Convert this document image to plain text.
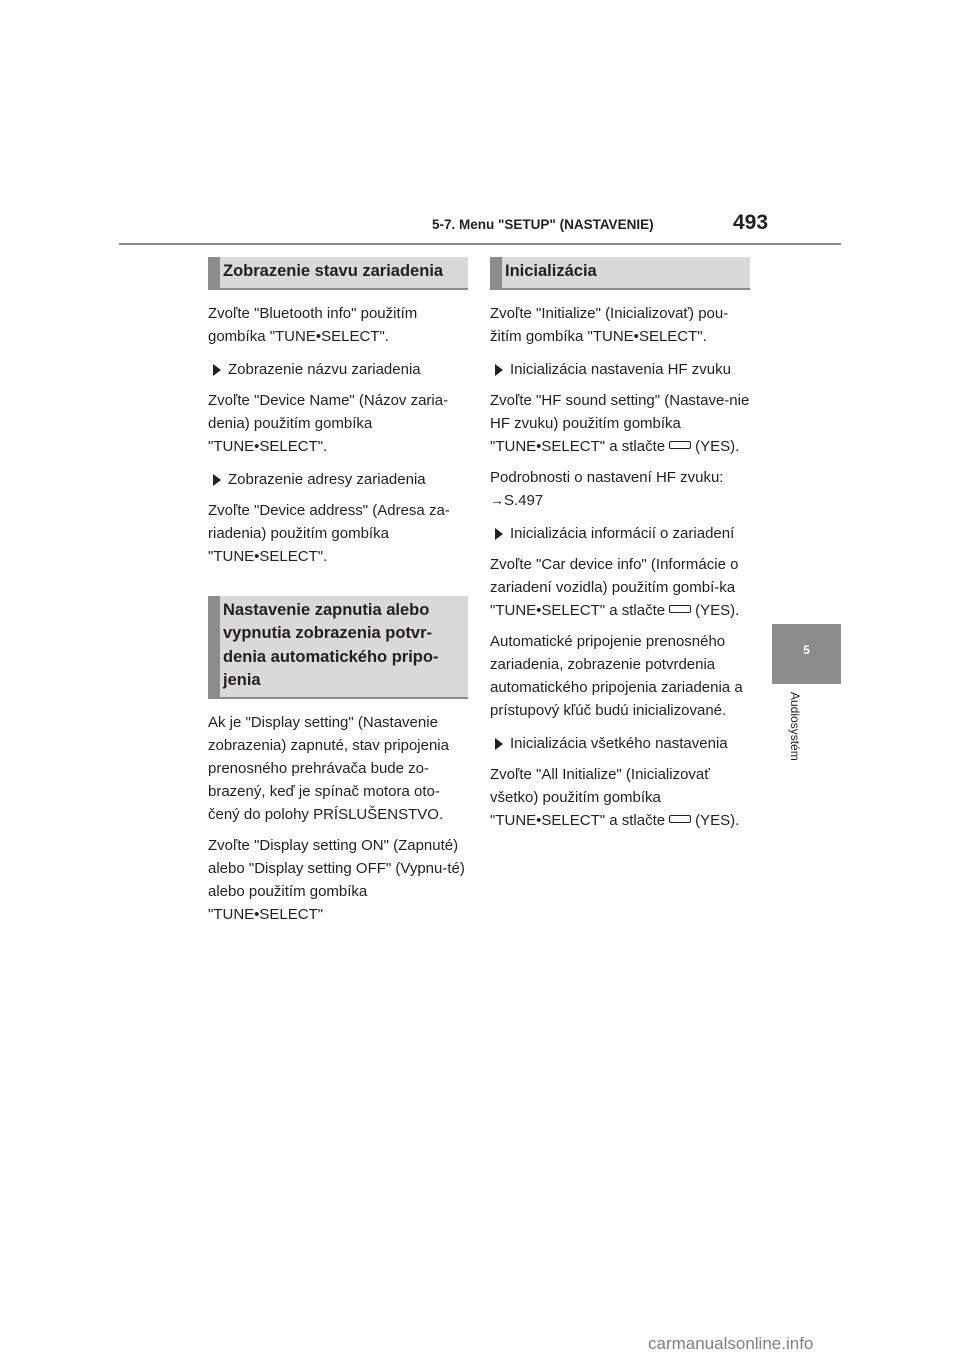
5-7. Menu "SETUP" (NASTAVENIE)	493
5
Audiosystém
Zobrazenie stavu zariadenia
Zvoľte "Bluetooth info" použitím gombíka "TUNE•SELECT".
Zobrazenie názvu zariadenia
Zvoľte "Device Name" (Názov zaria-denia) použitím gombíka "TUNE•SELECT".
Zobrazenie adresy zariadenia
Zvoľte "Device address" (Adresa za-riadenia) použitím gombíka "TUNE•SELECT".
Nastavenie zapnutia alebo vypnutia zobrazenia potvr-denia automatického pripo-jenia
Ak je "Display setting" (Nastavenie zobrazenia) zapnuté, stav pripojenia prenosného prehrávača bude zo-brazený, keď je spínač motora oto-čený do polohy PRÍSLUŠENSTVO.
Zvoľte "Display setting ON" (Zapnuté) alebo "Display setting OFF" (Vypnu-té) alebo použitím gombíka "TUNE•SELECT"
Inicializácia
Zvoľte "Initialize" (Inicializovať) pou-žitím gombíka "TUNE•SELECT".
Inicializácia nastavenia HF zvuku
Zvoľte "HF sound setting" (Nastave-nie HF zvuku) použitím gombíka "TUNE•SELECT" a stlačte (YES).
Podrobnosti o nastavení HF zvuku:
→S.497
Inicializácia informácií o zariadení
Zvoľte "Car device info" (Informácie o zariadení vozidla) použitím gombí-ka "TUNE•SELECT" a stlačte (YES).
Automatické pripojenie prenosného zariadenia, zobrazenie potvrdenia automatického pripojenia zariadenia a prístupový kľúč budú inicializované.
Inicializácia všetkého nastavenia
Zvoľte "All Initialize" (Inicializovať všetko) použitím gombíka "TUNE•SELECT" a stlačte (YES).
carmanualsonline.info
